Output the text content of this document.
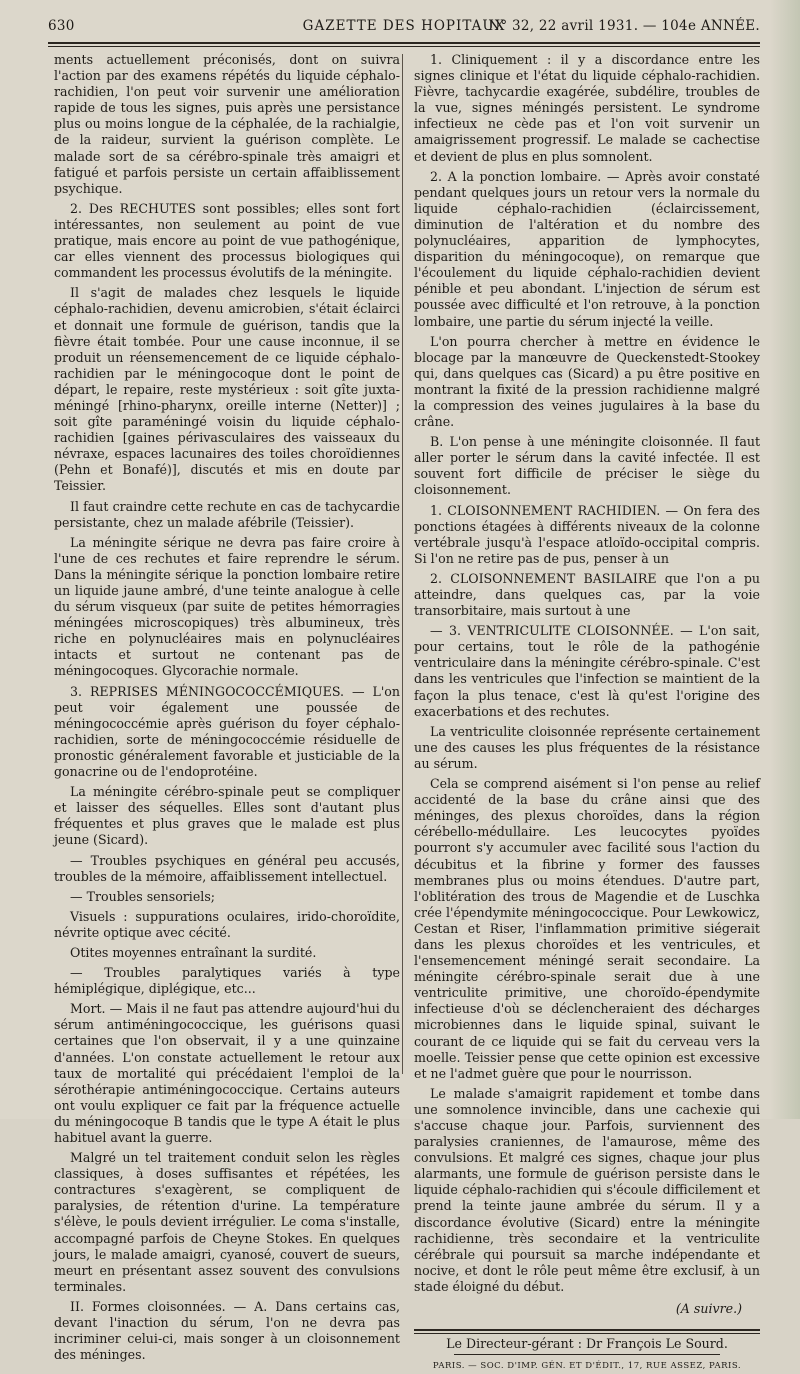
630	GAZETTE DES HOPITAUX
N° 32, 22 avril 1931. — 104e ANNÉE.

ments actuellement préconisés, dont on suivra l'action par des examens répétés du liquide céphalo-rachidien, l'on peut voir survenir une amélioration rapide de tous les signes, puis après une persistance plus ou moins longue de la céphalée, de la rachialgie, de la raideur, survient la guérison complète. Le malade sort de sa cérébro-spinale très amaigri et fatigué et parfois persiste un certain affaiblissement psychique.

2. Des RECHUTES sont possibles; elles sont fort intéressantes, non seulement au point de vue pratique, mais encore au point de vue pathogénique, car elles viennent des processus biologiques qui commandent les processus évolutifs de la méningite.

Il s'agit de malades chez lesquels le liquide céphalo-rachidien, devenu amicrobien, s'était éclairci et donnait une formule de guérison, tandis que la fièvre était tombée. Pour une cause inconnue, il se produit un réensemencement de ce liquide céphalo-rachidien par le méningocoque dont le point de départ, le repaire, reste mystérieux : soit gîte juxta-méningé [rhino-pharynx, oreille interne (Netter)] ; soit gîte paraméningé voisin du liquide céphalo-rachidien [gaines périvasculaires des vaisseaux du névraxe, espaces lacunaires des toiles choroïdiennes (Pehn et Bonafé)], discutés et mis en doute par Teissier.

Il faut craindre cette rechute en cas de tachycardie persistante, chez un malade afébrile (Teissier).

La méningite sérique ne devra pas faire croire à l'une de ces rechutes et faire reprendre le sérum. Dans la méningite sérique la ponction lombaire retire un liquide jaune ambré, d'une teinte analogue à celle du sérum visqueux (par suite de petites hémorragies méningées microscopiques) très albumineux, très riche en polynucléaires mais en polynucléaires intacts et surtout ne contenant pas de méningocoques. Glycorachie normale.

3. REPRISES MÉNINGOCOCCÉMIQUES. — L'on peut voir également une poussée de méningococcémie après guérison du foyer céphalo-rachidien, sorte de méningococcémie résiduelle de pronostic généralement favorable et justiciable de la gonacrine ou de l'endoprotéine.

La méningite cérébro-spinale peut se compliquer et laisser des séquelles. Elles sont d'autant plus fréquentes et plus graves que le malade est plus jeune (Sicard).

— Troubles psychiques en général peu accusés, troubles de la mémoire, affaiblissement intellectuel.

— Troubles sensoriels;

Visuels : suppurations oculaires, irido-choroïdite, névrite optique avec cécité.

Otites moyennes entraînant la surdité.

— Troubles paralytiques variés à type hémiplégique, diplégique, etc...

Mort. — Mais il ne faut pas attendre aujourd'hui du sérum antiméningococcique, les guérisons quasi certaines que l'on observait, il y a une quinzaine d'années. L'on constate actuellement le retour aux taux de mortalité qui précédaient l'emploi de la sérothérapie antiméningococcique. Certains auteurs ont voulu expliquer ce fait par la fréquence actuelle du méningocoque B tandis que le type A était le plus habituel avant la guerre.

Malgré un tel traitement conduit selon les règles classiques, à doses suffisantes et répétées, les contractures s'exagèrent, se compliquent de paralysies, de rétention d'urine. La température s'élève, le pouls devient irrégulier. Le coma s'installe, accompagné parfois de Cheyne Stokes. En quelques jours, le malade amaigri, cyanosé, couvert de sueurs, meurt en présentant assez souvent des convulsions terminales.

II. Formes cloisonnées. — A. Dans certains cas, devant l'inaction du sérum, l'on ne devra pas incriminer celui-ci, mais songer à un cloisonnement des méninges.

1. Cliniquement : il y a discordance entre les signes clinique et l'état du liquide céphalo-rachidien. Fièvre, tachycardie exagérée, subdélire, troubles de la vue, signes méningés persistent. Le syndrome infectieux ne cède pas et l'on voit survenir un amaigrissement progressif. Le malade se cachectise et devient de plus en plus somnolent.

2. A la ponction lombaire. — Après avoir constaté pendant quelques jours un retour vers la normale du liquide céphalo-rachidien (éclaircissement, diminution de l'altération et du nombre des polynucléaires, apparition de lymphocytes, disparition du méningocoque), on remarque que l'écoulement du liquide céphalo-rachidien devient pénible et peu abondant. L'injection de sérum est poussée avec difficulté et l'on retrouve, à la ponction lombaire, une partie du sérum injecté la veille.

L'on pourra chercher à mettre en évidence le blocage par la manœuvre de Queckenstedt-Stookey qui, dans quelques cas (Sicard) a pu être positive en montrant la fixité de la pression rachidienne malgré la compression des veines jugulaires à la base du crâne.

B. L'on pense à une méningite cloisonnée. Il faut aller porter le sérum dans la cavité infectée. Il est souvent fort difficile de préciser le siège du cloisonnement.

1. CLOISONNEMENT RACHIDIEN. — On fera des ponctions étagées à différents niveaux de la colonne vertébrale jusqu'à l'espace atloïdo-occipital compris. Si l'on ne retire pas de pus, penser à un

2. CLOISONNEMENT BASILAIRE que l'on a pu atteindre, dans quelques cas, par la voie transorbitaire, mais surtout à une

— 3. VENTRICULITE CLOISONNÉE. — L'on sait, pour certains, tout le rôle de la pathogénie ventriculaire dans la méningite cérébro-spinale. C'est dans les ventricules que l'infection se maintient de la façon la plus tenace, c'est là qu'est l'origine des exacerbations et des rechutes.

La ventriculite cloisonnée représente certainement une des causes les plus fréquentes de la résistance au sérum.

Cela se comprend aisément si l'on pense au relief accidenté de la base du crâne ainsi que des méninges, des plexus choroïdes, dans la région cérébello-médullaire. Les leucocytes pyoïdes pourront s'y accumuler avec facilité sous l'action du décubitus et la fibrine y former des fausses membranes plus ou moins étendues. D'autre part, l'oblitération des trous de Magendie et de Luschka crée l'épendymite méningococcique. Pour Lewkowicz, Cestan et Riser, l'inflammation primitive siégerait dans les plexus choroïdes et les ventricules, et l'ensemencement méningé serait secondaire. La méningite cérébro-spinale serait due à une ventriculite primitive, une choroïdo-épendymite infectieuse d'où se déclencheraient des décharges microbiennes dans le liquide spinal, suivant le courant de ce liquide qui se fait du cerveau vers la moelle. Teissier pense que cette opinion est excessive et ne l'admet guère que pour le nourrisson.

Le malade s'amaigrit rapidement et tombe dans une somnolence invincible, dans une cachexie qui s'accuse chaque jour. Parfois, surviennent des paralysies craniennes, de l'amaurose, même des convulsions. Et malgré ces signes, chaque jour plus alarmants, une formule de guérison persiste dans le liquide céphalo-rachidien qui s'écoule difficilement et prend la teinte jaune ambrée du sérum. Il y a discordance évolutive (Sicard) entre la méningite rachidienne, très secondaire et la ventriculite cérébrale qui poursuit sa marche indépendante et nocive, et dont le rôle peut même être exclusif, à un stade éloigné du début.

(A suivre.)
Le Directeur-gérant : Dr François Le Sourd.
PARIS. — SOC. D'IMP. GÉN. ET D'ÉDIT., 17, RUE ASSEZ, PARIS.
